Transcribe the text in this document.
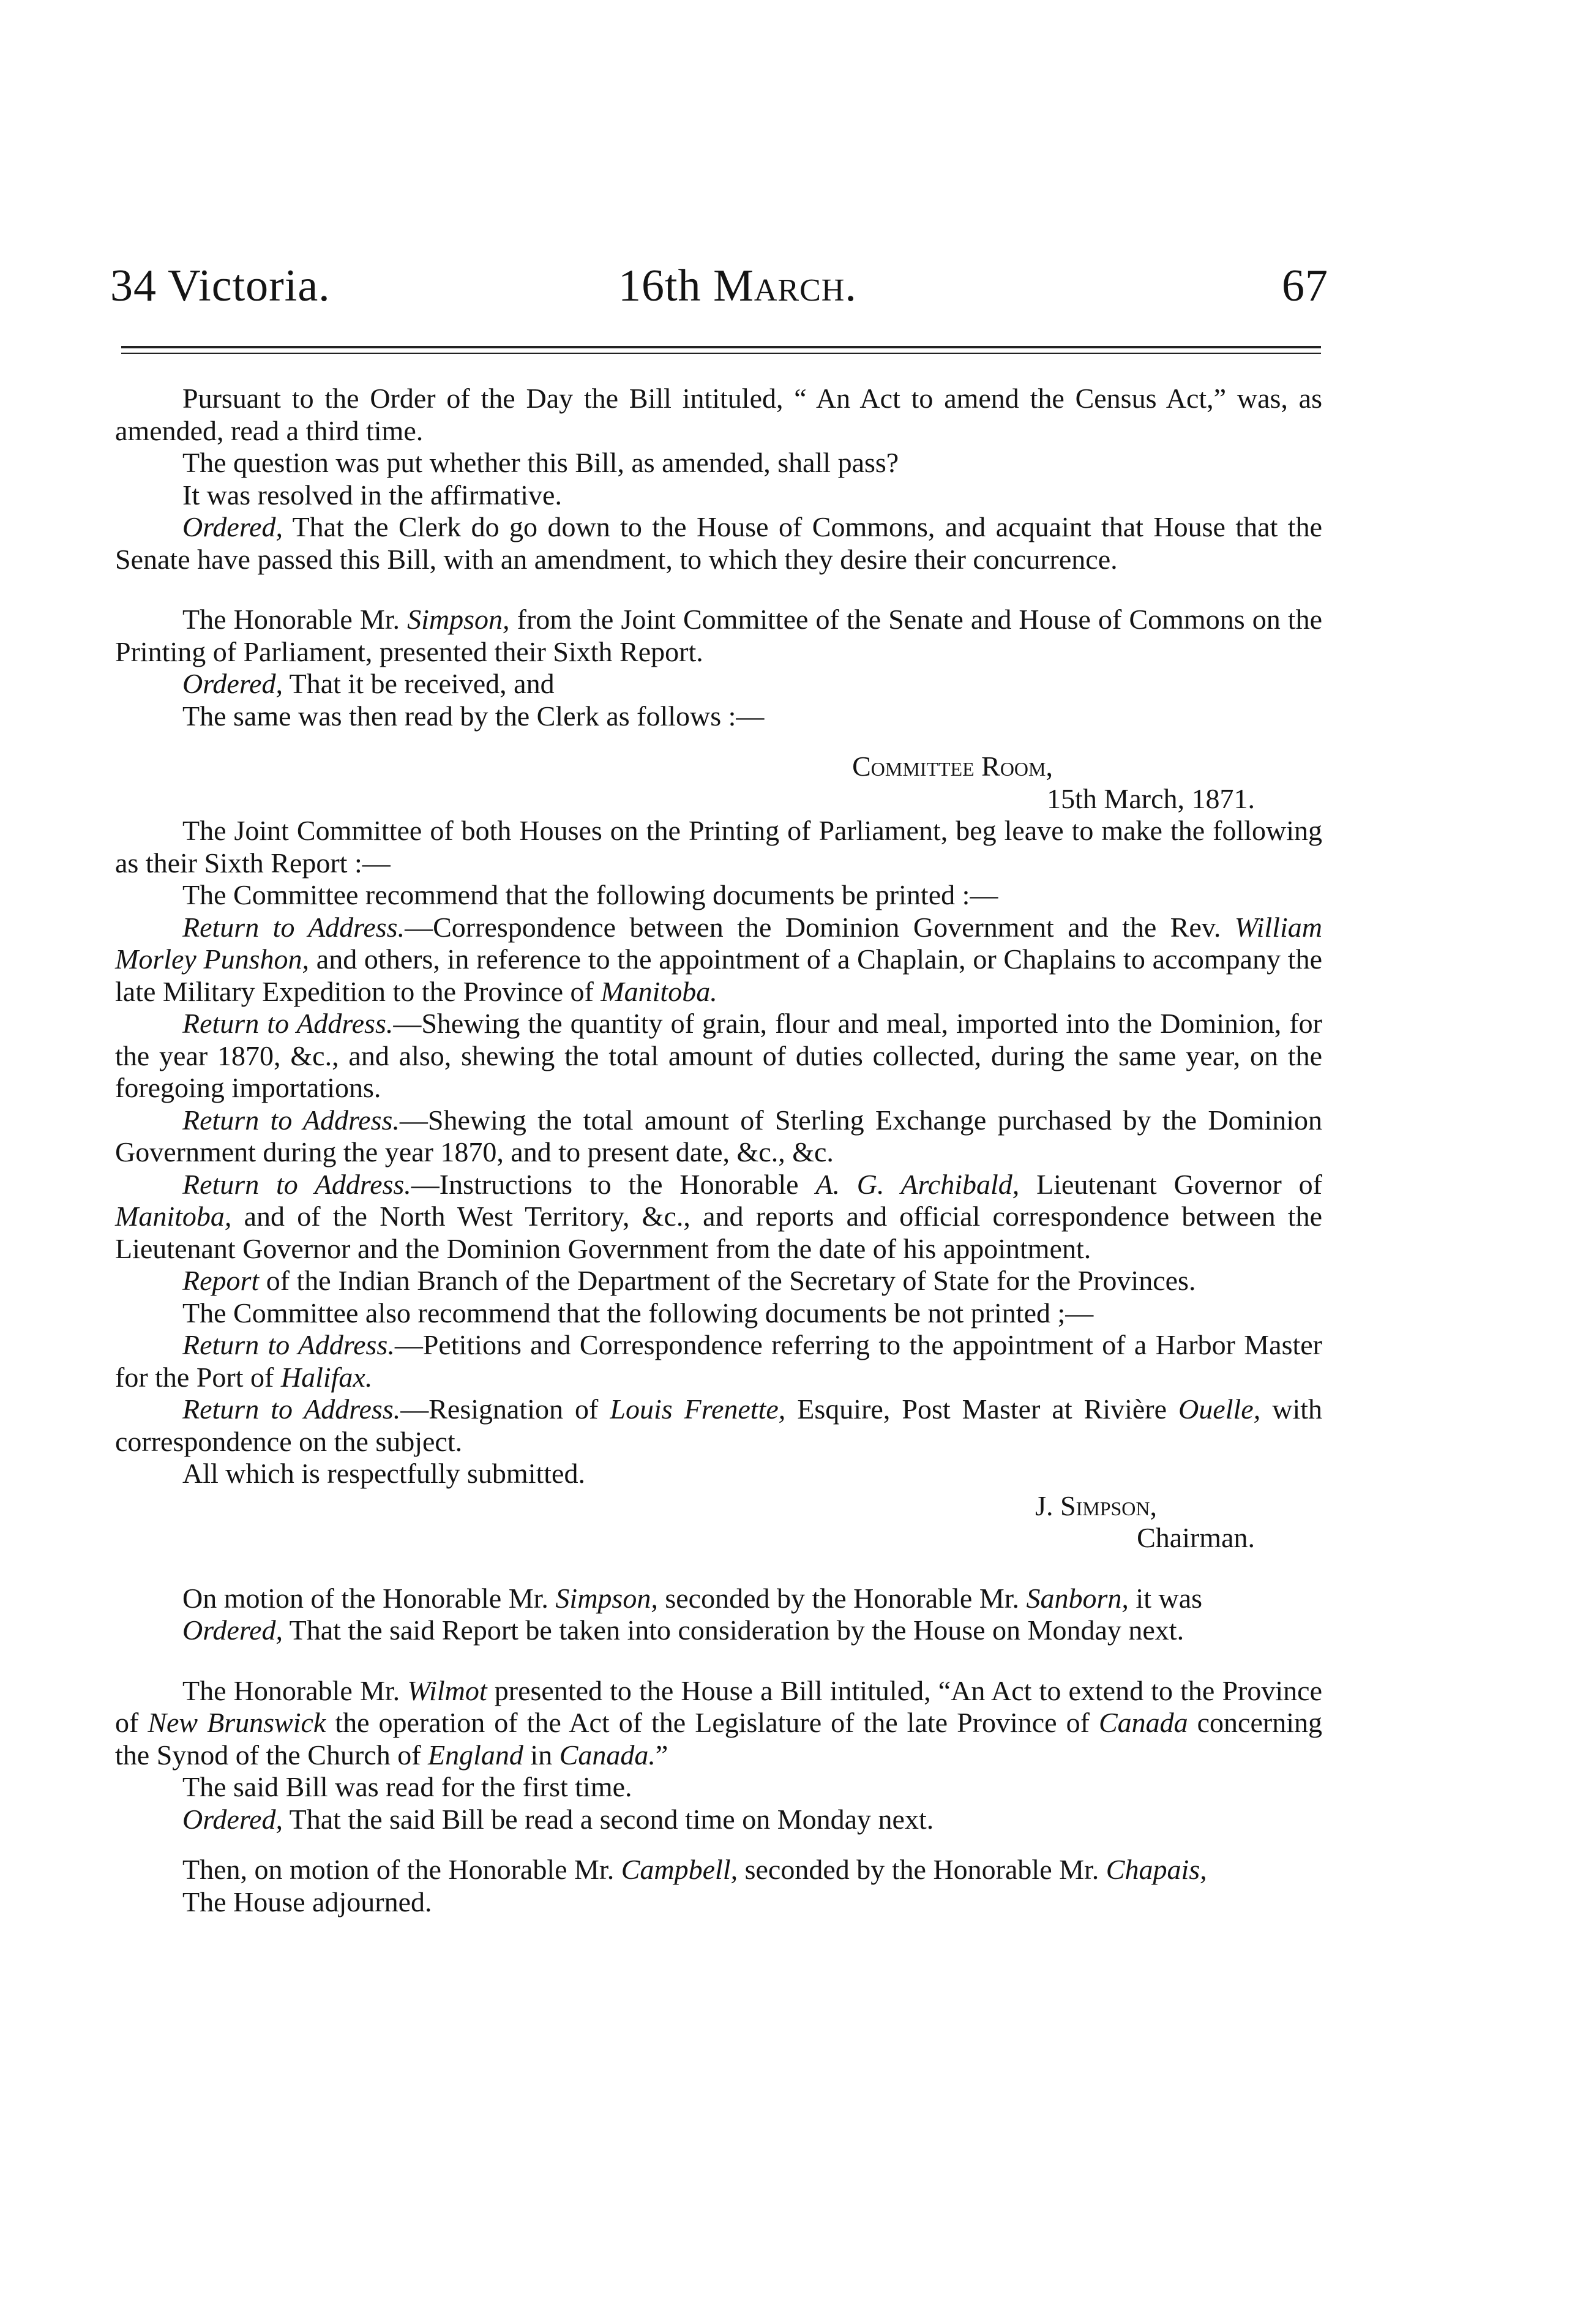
34 Victoria.	16th March.	67

Pursuant to the Order of the Day the Bill intituled, “ An Act to amend the Census Act,” was, as amended, read a third time.

The question was put whether this Bill, as amended, shall pass?

It was resolved in the affirmative.

Ordered, That the Clerk do go down to the House of Commons, and acquaint that House that the Senate have passed this Bill, with an amendment, to which they desire their concurrence.

The Honorable Mr. Simpson, from the Joint Committee of the Senate and House of Commons on the Printing of Parliament, presented their Sixth Report.

Ordered, That it be received, and

The same was then read by the Clerk as follows :—

Committee Room,

15th March, 1871.

The Joint Committee of both Houses on the Printing of Parliament, beg leave to make the following as their Sixth Report :—

The Committee recommend that the following documents be printed :—

Return to Address.—Correspondence between the Dominion Government and the Rev. William Morley Punshon, and others, in reference to the appointment of a Chaplain, or Chaplains to accompany the late Military Expedition to the Province of Manitoba.

Return to Address.—Shewing the quantity of grain, flour and meal, imported into the Dominion, for the year 1870, &c., and also, shewing the total amount of duties collected, during the same year, on the foregoing importations.

Return to Address.—Shewing the total amount of Sterling Exchange purchased by the Dominion Government during the year 1870, and to present date, &c., &c.

Return to Address.—Instructions to the Honorable A. G. Archibald, Lieutenant Governor of Manitoba, and of the North West Territory, &c., and reports and official correspondence between the Lieutenant Governor and the Dominion Government from the date of his appointment.

Report of the Indian Branch of the Department of the Secretary of State for the Provinces.

The Committee also recommend that the following documents be not printed ;—

Return to Address.—Petitions and Correspondence referring to the appointment of a Harbor Master for the Port of Halifax.

Return to Address.—Resignation of Louis Frenette, Esquire, Post Master at Rivière Ouelle, with correspondence on the subject.

All which is respectfully submitted.

J. Simpson,

Chairman.

On motion of the Honorable Mr. Simpson, seconded by the Honorable Mr. Sanborn, it was

Ordered, That the said Report be taken into consideration by the House on Monday next.

The Honorable Mr. Wilmot presented to the House a Bill intituled, “An Act to extend to the Province of New Brunswick the operation of the Act of the Legislature of the late Province of Canada concerning the Synod of the Church of England in Canada.”

The said Bill was read for the first time.

Ordered, That the said Bill be read a second time on Monday next.

Then, on motion of the Honorable Mr. Campbell, seconded by the Honorable Mr. Chapais,

The House adjourned.
